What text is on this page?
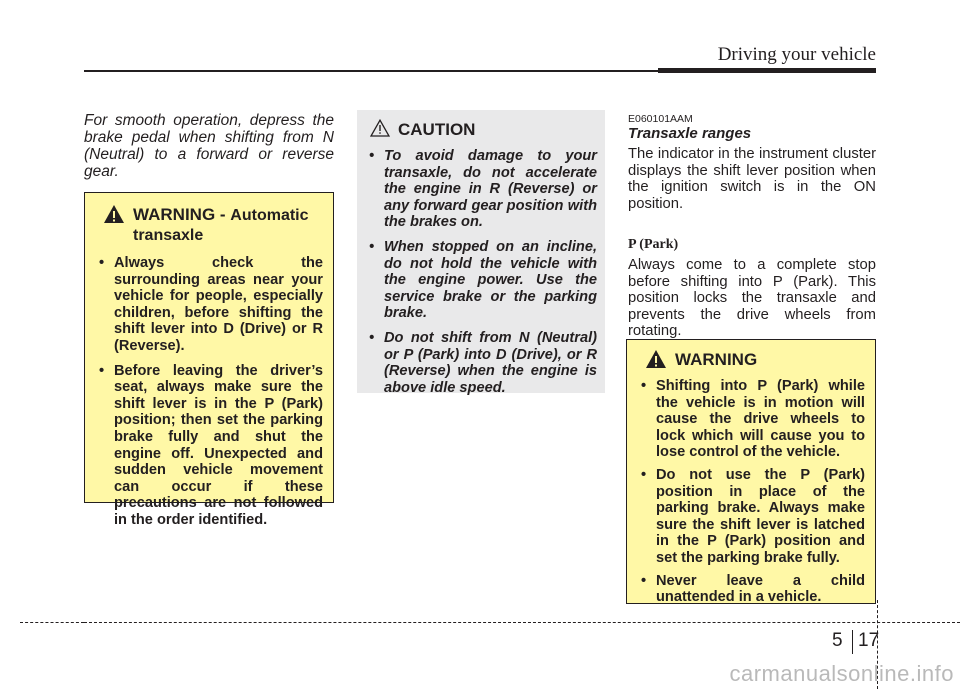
Driving your vehicle

For smooth operation, depress the brake pedal when shifting from N (Neutral) to a forward or reverse gear.

WARNING - Automatic transaxle
• Always check the surrounding areas near your vehicle for people, especially children, before shifting the shift lever into D (Drive) or R (Reverse).
• Before leaving the driver’s seat, always make sure the shift lever is in the P (Park) position; then set the parking brake fully and shut the engine off. Unexpected and sudden vehicle movement can occur if these precautions are not followed in the order identified.
CAUTION
• To avoid damage to your transaxle, do not accelerate the engine in R (Reverse) or any forward gear position with the brakes on.
• When stopped on an incline, do not hold the vehicle with the engine power. Use the service brake or the parking brake.
• Do not shift from N (Neutral) or P (Park) into D (Drive), or R (Reverse) when the engine is above idle speed.
E060101AAM
Transaxle ranges

The indicator in the instrument cluster displays the shift lever position when the ignition switch is in the ON position.

P (Park)

Always come to a complete stop before shifting into P (Park). This position locks the transaxle and prevents the drive wheels from rotating.

WARNING
• Shifting into P (Park) while the vehicle is in motion will cause the drive wheels to lock which will cause you to lose control of the vehicle.
• Do not use the P (Park) position in place of the parking brake. Always make sure the shift lever is latched in the P (Park) position and set the parking brake fully.
• Never leave a child unattended in a vehicle.
5 17
carmanualsonline.info
